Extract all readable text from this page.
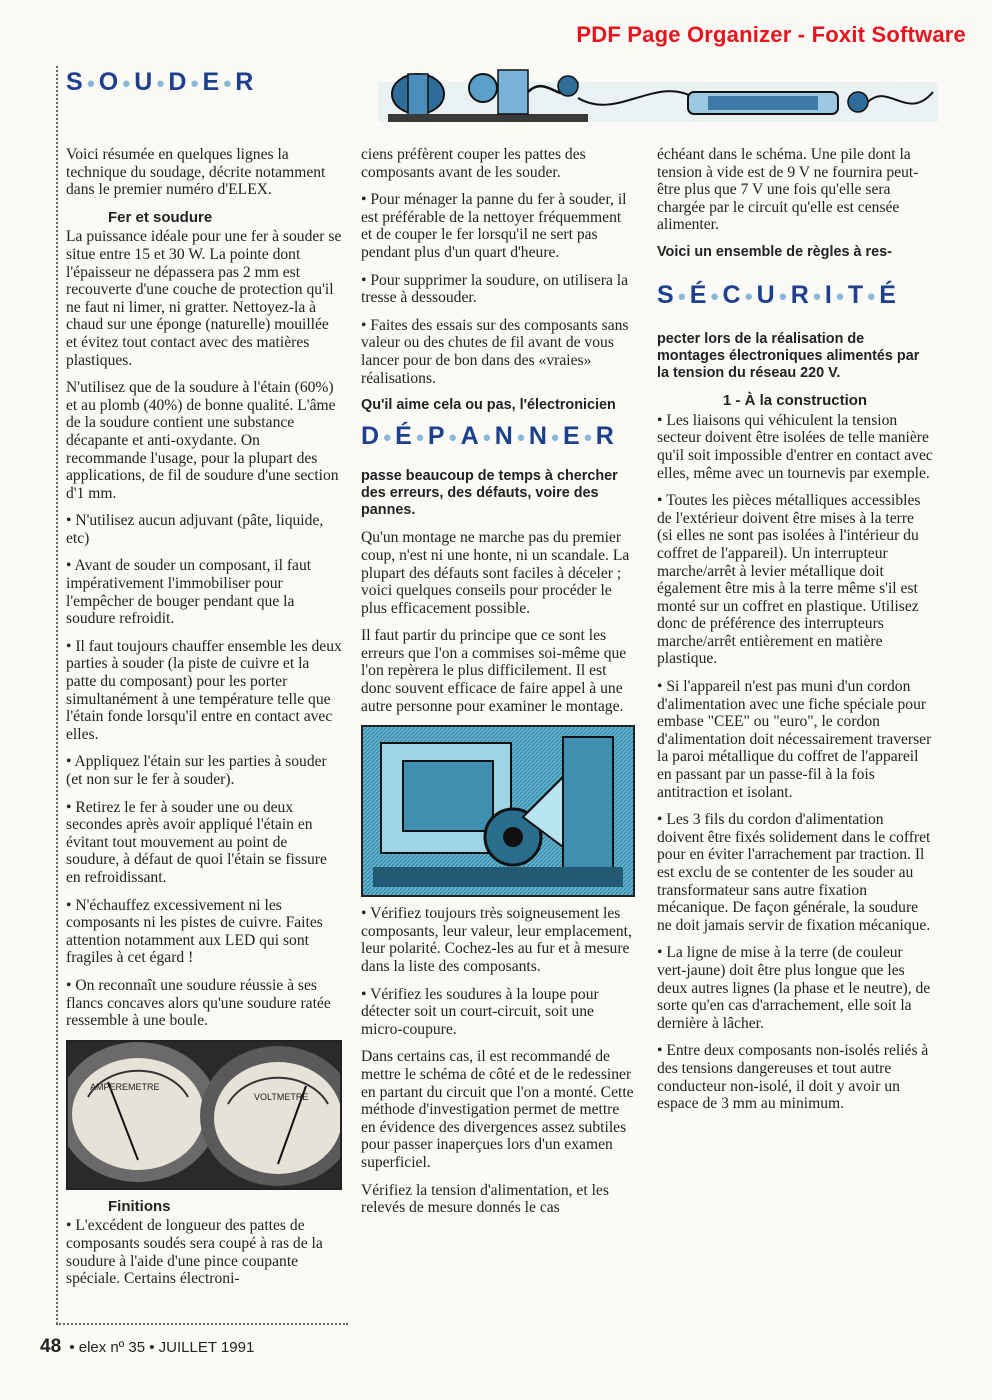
PDF Page Organizer - Foxit Software
S ● O ● U ● D ● E ● R

Voici résumée en quelques lignes la technique du soudage, décrite notamment dans le premier numéro d'ELEX.

Fer et soudure

La puissance idéale pour une fer à souder se situe entre 15 et 30 W. La pointe dont l'épaisseur ne dépassera pas 2 mm est recouverte d'une couche de protection qu'il ne faut ni limer, ni gratter. Nettoyez-la à chaud sur une éponge (naturelle) mouillée et évitez tout contact avec des matières plastiques.

N'utilisez que de la soudure à l'étain (60%) et au plomb (40%) de bonne qualité. L'âme de la soudure contient une substance décapante et anti-oxydante. On recommande l'usage, pour la plupart des applications, de fil de soudure d'une section d'1 mm.

• N'utilisez aucun adjuvant (pâte, liquide, etc)

• Avant de souder un composant, il faut impérativement l'immobiliser pour l'empêcher de bouger pendant que la soudure refroidit.

• Il faut toujours chauffer ensemble les deux parties à souder (la piste de cuivre et la patte du composant) pour les porter simultanément à une température telle que l'étain fonde lorsqu'il entre en contact avec elles.

• Appliquez l'étain sur les parties à souder (et non sur le fer à souder).

• Retirez le fer à souder une ou deux secondes après avoir appliqué l'étain en évitant tout mouvement au point de soudure, à défaut de quoi l'étain se fissure en refroidissant.

• N'échauffez excessivement ni les composants ni les pistes de cuivre. Faites attention notamment aux LED qui sont fragiles à cet égard !

• On reconnaît une soudure réussie à ses flancs concaves alors qu'une soudure ratée ressemble à une boule.

AMPEREMETRE
VOLTMETRE
Finitions

• L'excédent de longueur des pattes de composants soudés sera coupé à ras de la soudure à l'aide d'une pince coupante spéciale. Certains électroni-

ciens préfèrent couper les pattes des composants avant de les souder.

• Pour ménager la panne du fer à souder, il est préférable de la nettoyer fréquemment et de couper le fer lorsqu'il ne sert pas pendant plus d'un quart d'heure.

• Pour supprimer la soudure, on utilisera la tresse à dessouder.

• Faites des essais sur des composants sans valeur ou des chutes de fil avant de vous lancer pour de bon dans des «vraies» réalisations.

Qu'il aime cela ou pas, l'électronicien

D ● É ● P ● A ● N ● N ● E ● R

passe beaucoup de temps à chercher des erreurs, des défauts, voire des pannes.

Qu'un montage ne marche pas du premier coup, n'est ni une honte, ni un scandale. La plupart des défauts sont faciles à déceler ; voici quelques conseils pour procéder le plus efficacement possible.

Il faut partir du principe que ce sont les erreurs que l'on a commises soi-même que l'on repèrera le plus difficilement. Il est donc souvent efficace de faire appel à une autre personne pour examiner le montage.

• Vérifiez toujours très soigneusement les composants, leur valeur, leur emplacement, leur polarité. Cochez-les au fur et à mesure dans la liste des composants.

• Vérifiez les soudures à la loupe pour détecter soit un court-circuit, soit une micro-coupure.

Dans certains cas, il est recommandé de mettre le schéma de côté et de le redessiner en partant du circuit que l'on a monté. Cette méthode d'investigation permet de mettre en évidence des divergences assez subtiles pour passer inaperçues lors d'un examen superficiel.

Vérifiez la tension d'alimentation, et les relevés de mesure donnés le cas

échéant dans le schéma. Une pile dont la tension à vide est de 9 V ne fournira peut-être plus que 7 V une fois qu'elle sera chargée par le circuit qu'elle est censée alimenter.

Voici un ensemble de règles à res-

S ● É ● C ● U ● R ● I ● T ● É

pecter lors de la réalisation de montages électroniques alimentés par la tension du réseau 220 V.

1 - À la construction

• Les liaisons qui véhiculent la tension secteur doivent être isolées de telle manière qu'il soit impossible d'entrer en contact avec elles, même avec un tournevis par exemple.

• Toutes les pièces métalliques accessibles de l'extérieur doivent être mises à la terre (si elles ne sont pas isolées à l'intérieur du coffret de l'appareil). Un interrupteur marche/arrêt à levier métallique doit également être mis à la terre même s'il est monté sur un coffret en plastique. Utilisez donc de préférence des interrupteurs marche/arrêt entièrement en matière plastique.

• Si l'appareil n'est pas muni d'un cordon d'alimentation avec une fiche spéciale pour embase "CEE" ou "euro", le cordon d'alimentation doit nécessairement traverser la paroi métallique du coffret de l'appareil en passant par un passe-fil à la fois antitraction et isolant.

• Les 3 fils du cordon d'alimentation doivent être fixés solidement dans le coffret pour en éviter l'arrachement par traction. Il est exclu de se contenter de les souder au transformateur sans autre fixation mécanique. De façon générale, la soudure ne doit jamais servir de fixation mécanique.

• La ligne de mise à la terre (de couleur vert-jaune) doit être plus longue que les deux autres lignes (la phase et le neutre), de sorte qu'en cas d'arrachement, elle soit la dernière à lâcher.

• Entre deux composants non-isolés reliés à des tensions dangereuses et tout autre conducteur non-isolé, il doit y avoir un espace de 3 mm au minimum.

48 • elex nº 35 • JUILLET 1991
